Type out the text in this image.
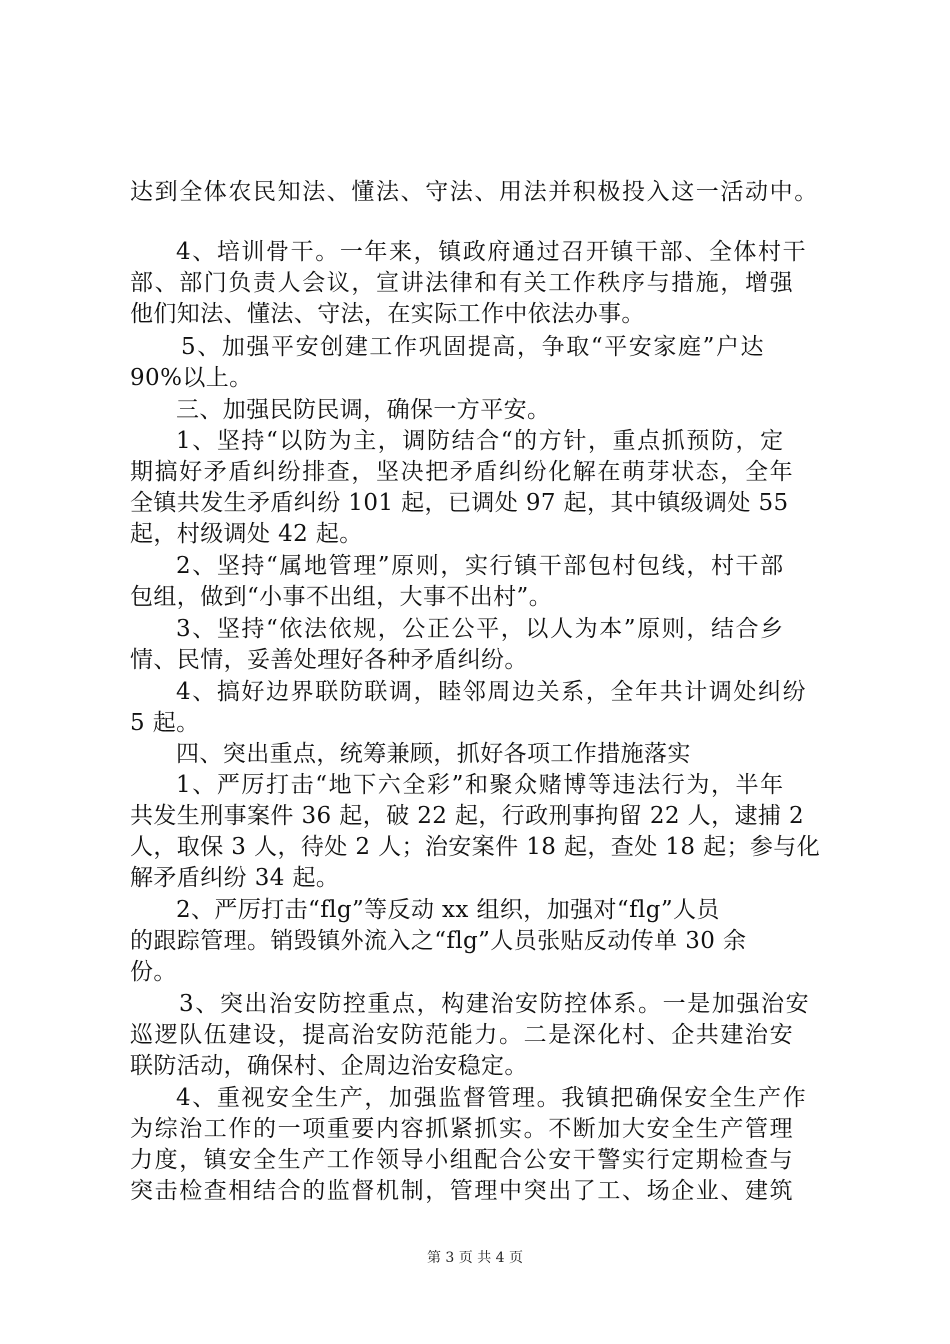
达到全体农民知法、懂法、守法、用法并积极投入这一活动中。
4、培训骨干。一年来，镇政府通过召开镇干部、全体村干
部、部门负责人会议，宣讲法律和有关工作秩序与措施，增强
他们知法、懂法、守法，在实际工作中依法办事。
5、加强平安创建工作巩固提高，争取“平安家庭”户达
90%以上。
三、加强民防民调，确保一方平安。
1、坚持“以防为主，调防结合“的方针，重点抓预防，定
期搞好矛盾纠纷排查，坚决把矛盾纠纷化解在萌芽状态，全年
全镇共发生矛盾纠纷 101 起，已调处 97 起，其中镇级调处 55
起，村级调处 42 起。
2、坚持“属地管理”原则，实行镇干部包村包线，村干部
包组，做到“小事不出组，大事不出村”。
3、坚持“依法依规，公正公平，以人为本”原则，结合乡
情、民情，妥善处理好各种矛盾纠纷。
4、搞好边界联防联调，睦邻周边关系，全年共计调处纠纷
5 起。
四、突出重点，统筹兼顾，抓好各项工作措施落实
1、严厉打击“地下六全彩”和聚众赌博等违法行为，半年
共发生刑事案件 36 起，破 22 起，行政刑事拘留 22 人，逮捕 2
人，取保 3 人，待处 2 人；治安案件 18 起，查处 18 起；参与化
解矛盾纠纷 34 起。
2、严厉打击“flg”等反动 xx 组织，加强对“flg”人员
的跟踪管理。销毁镇外流入之“flg”人员张贴反动传单 30 余
份。
3、突出治安防控重点，构建治安防控体系。一是加强治安
巡逻队伍建设，提高治安防范能力。二是深化村、企共建治安
联防活动，确保村、企周边治安稳定。
4、重视安全生产，加强监督管理。我镇把确保安全生产作
为综治工作的一项重要内容抓紧抓实。不断加大安全生产管理
力度，镇安全生产工作领导小组配合公安干警实行定期检查与
突击检查相结合的监督机制，管理中突出了工、场企业、建筑
第 3 页 共 4 页
